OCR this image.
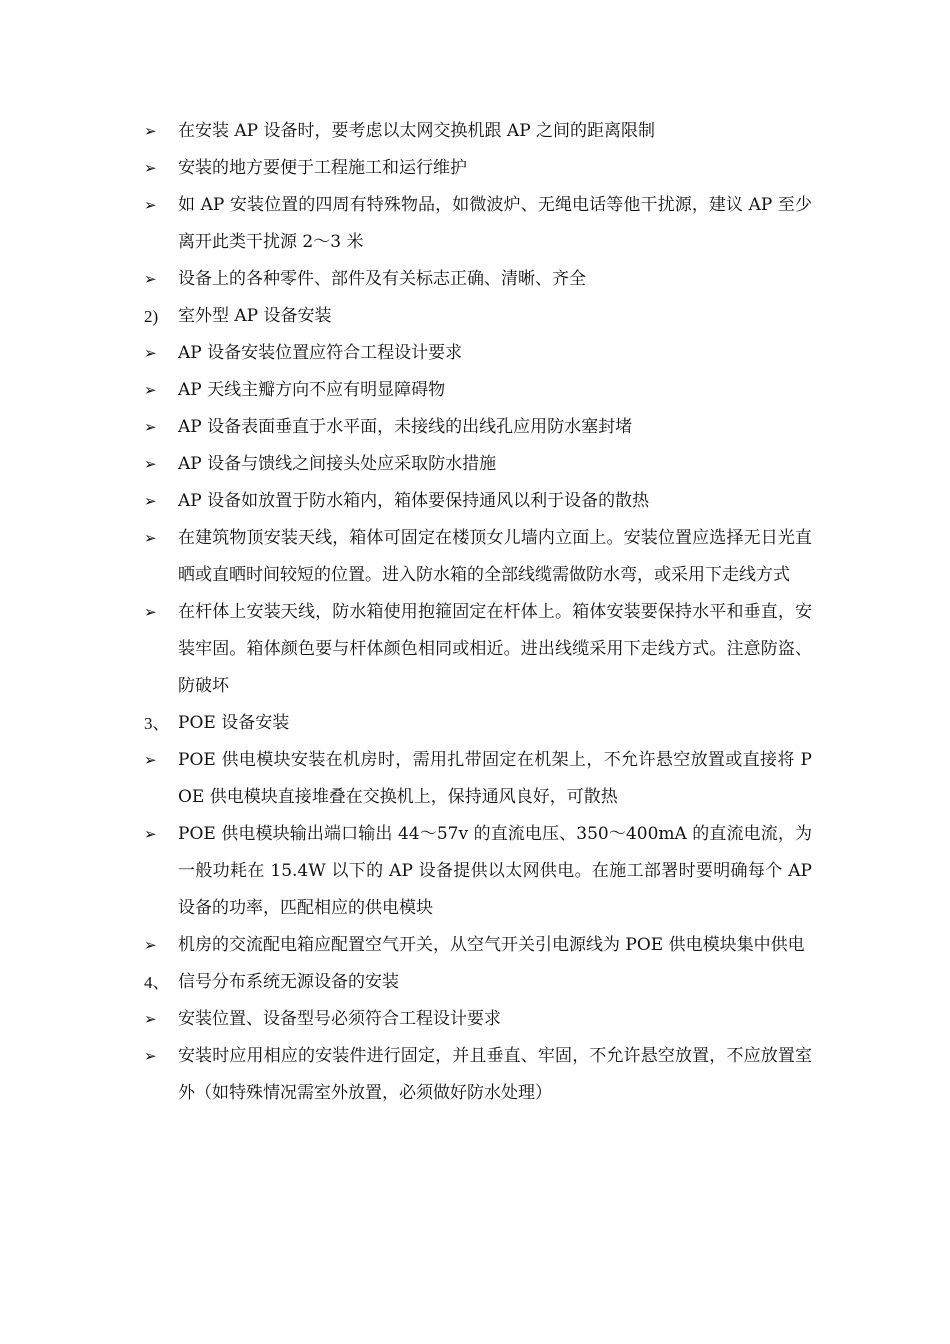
➢	在安装 AP 设备时，要考虑以太网交换机跟 AP 之间的距离限制
➢	安装的地方要便于工程施工和运行维护
➢	如 AP 安装位置的四周有特殊物品，如微波炉、无绳电话等他干扰源，建议 AP 至少离开此类干扰源 2～3 米
➢	设备上的各种零件、部件及有关标志正确、清晰、齐全
2)	室外型 AP 设备安装
➢	AP 设备安装位置应符合工程设计要求
➢	AP 天线主瓣方向不应有明显障碍物
➢	AP 设备表面垂直于水平面，未接线的出线孔应用防水塞封堵
➢	AP 设备与馈线之间接头处应采取防水措施
➢	AP 设备如放置于防水箱内，箱体要保持通风以利于设备的散热
➢	在建筑物顶安装天线，箱体可固定在楼顶女儿墙内立面上。安装位置应选择无日光直晒或直晒时间较短的位置。进入防水箱的全部线缆需做防水弯，或采用下走线方式
➢	在杆体上安装天线，防水箱使用抱箍固定在杆体上。箱体安装要保持水平和垂直，安装牢固。箱体颜色要与杆体颜色相同或相近。进出线缆采用下走线方式。注意防盗、防破坏
3、 POE 设备安装
➢	POE 供电模块安装在机房时，需用扎带固定在机架上，不允许悬空放置或直接将 POE 供电模块直接堆叠在交换机上，保持通风良好，可散热
➢	POE 供电模块输出端口输出 44～57v 的直流电压、350～400mA 的直流电流，为一般功耗在 15.4W 以下的 AP 设备提供以太网供电。在施工部署时要明确每个 AP 设备的功率，匹配相应的供电模块
➢	机房的交流配电箱应配置空气开关，从空气开关引电源线为 POE 供电模块集中供电
4、 信号分布系统无源设备的安装
➢	安装位置、设备型号必须符合工程设计要求
➢	安装时应用相应的安装件进行固定，并且垂直、牢固，不允许悬空放置，不应放置室外（如特殊情况需室外放置，必须做好防水处理）
